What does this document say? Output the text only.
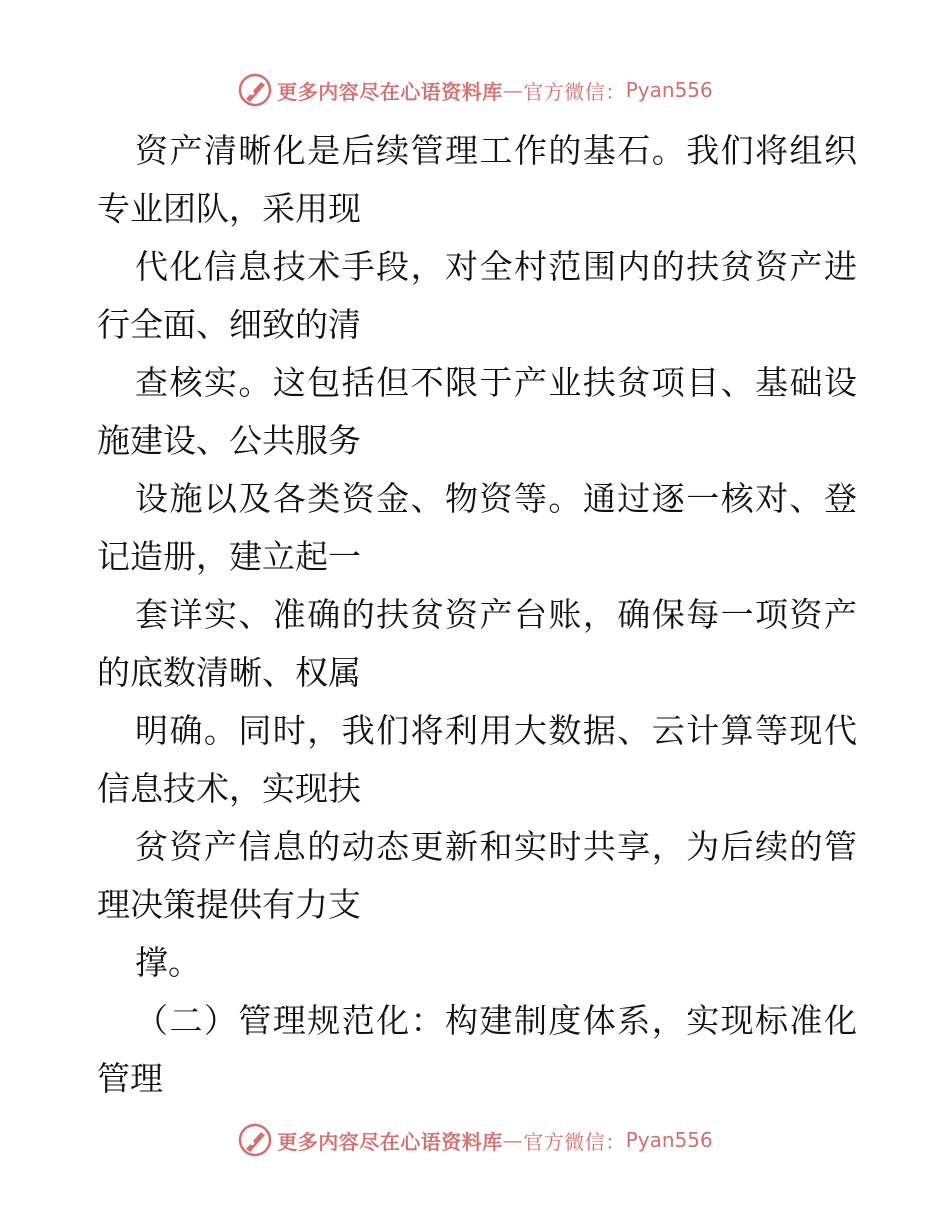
更多内容尽在心语资料库 — 官方微信： Pyan556
资产清晰化是后续管理工作的基石。我们将组织
专业团队，采用现
代化信息技术手段，对全村范围内的扶贫资产进
行全面、细致的清
查核实。这包括但不限于产业扶贫项目、基础设
施建设、公共服务
设施以及各类资金、物资等。通过逐一核对、登
记造册，建立起一
套详实、准确的扶贫资产台账，确保每一项资产
的底数清晰、权属
明确。同时，我们将利用大数据、云计算等现代
信息技术，实现扶
贫资产信息的动态更新和实时共享，为后续的管
理决策提供有力支
撑。
（二）管理规范化：构建制度体系，实现标准化
管理
更多内容尽在心语资料库 — 官方微信： Pyan556
